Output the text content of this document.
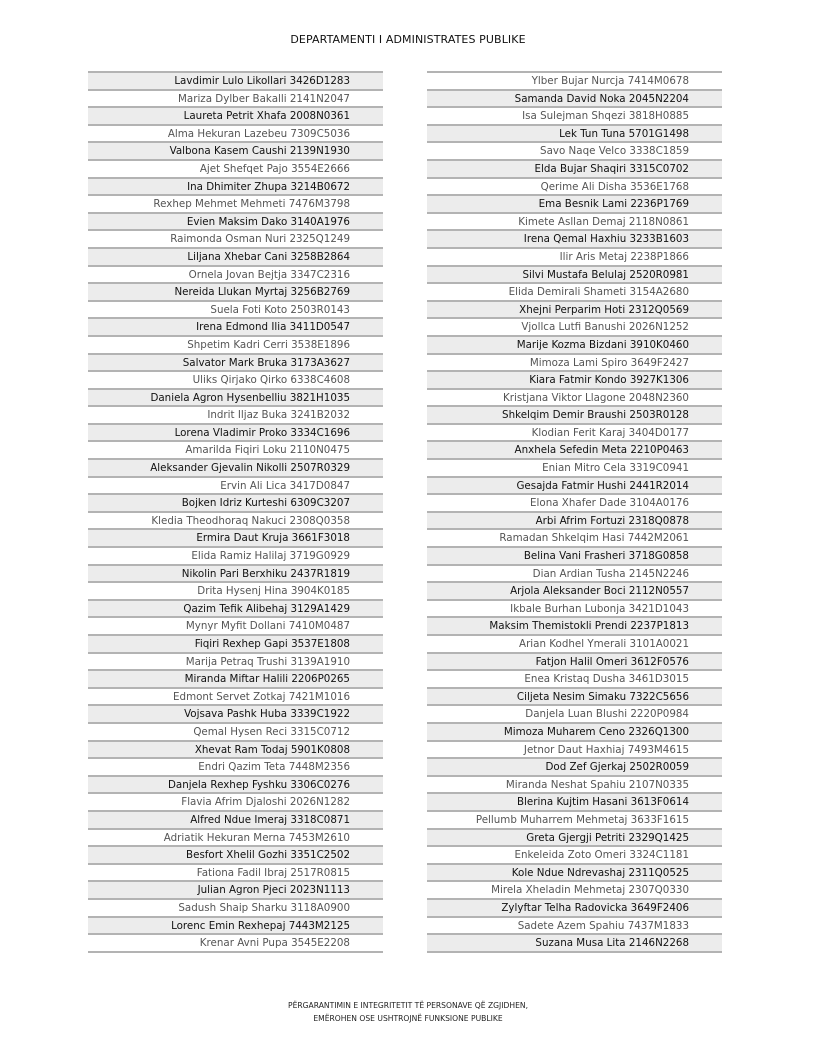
DEPARTAMENTI I ADMINISTRATES PUBLIKE
Lavdimir Lulo Likollari 3426D1283
Mariza Dylber Bakalli 2141N2047
Laureta Petrit Xhafa 2008N0361
Alma Hekuran Lazebeu 7309C5036
Valbona Kasem Caushi 2139N1930
Ajet Shefqet Pajo 3554E2666
Ina Dhimiter Zhupa 3214B0672
Rexhep Mehmet Mehmeti 7476M3798
Evien Maksim Dako 3140A1976
Raimonda Osman Nuri 2325Q1249
Liljana Xhebar Cani 3258B2864
Ornela Jovan Bejtja 3347C2316
Nereida Llukan Myrtaj 3256B2769
Suela Foti Koto 2503R0143
Irena Edmond Ilia 3411D0547
Shpetim Kadri Cerri 3538E1896
Salvator Mark Bruka 3173A3627
Uliks Qirjako Qirko 6338C4608
Daniela Agron Hysenbelliu 3821H1035
Indrit Iljaz Buka 3241B2032
Lorena Vladimir Proko 3334C1696
Amarilda Fiqiri Loku 2110N0475
Aleksander Gjevalin Nikolli 2507R0329
Ervin Ali Lica 3417D0847
Bojken Idriz Kurteshi 6309C3207
Kledia Theodhoraq Nakuci 2308Q0358
Ermira Daut Kruja 3661F3018
Elida Ramiz Halilaj 3719G0929
Nikolin Pari Berxhiku 2437R1819
Drita Hysenj Hina 3904K0185
Qazim Tefik Alibehaj 3129A1429
Mynyr Myfit Dollani 7410M0487
Fiqiri Rexhep Gapi 3537E1808
Marija Petraq Trushi 3139A1910
Miranda Miftar Halili 2206P0265
Edmont Servet Zotkaj 7421M1016
Vojsava Pashk Huba 3339C1922
Qemal Hysen Reci 3315C0712
Xhevat Ram Todaj 5901K0808
Endri Qazim Teta 7448M2356
Danjela Rexhep Fyshku 3306C0276
Flavia Afrim Djaloshi 2026N1282
Alfred Ndue Imeraj 3318C0871
Adriatik Hekuran Merna 7453M2610
Besfort Xhelil Gozhi 3351C2502
Fationa Fadil Ibraj 2517R0815
Julian Agron Pjeci 2023N1113
Sadush Shaip Sharku 3118A0900
Lorenc Emin Rexhepaj 7443M2125
Krenar Avni Pupa 3545E2208
Ylber Bujar Nurcja 7414M0678
Samanda David Noka 2045N2204
Isa Sulejman Shqezi 3818H0885
Lek Tun Tuna 5701G1498
Savo Naqe Velco 3338C1859
Elda Bujar Shaqiri 3315C0702
Qerime Ali Disha 3536E1768
Ema Besnik Lami 2236P1769
Kimete Asllan Demaj 2118N0861
Irena Qemal Haxhiu 3233B1603
Ilir Aris Metaj 2238P1866
Silvi Mustafa Belulaj 2520R0981
Elida Demirali Shameti 3154A2680
Xhejni Perparim Hoti 2312Q0569
Vjollca Lutfi Banushi 2026N1252
Marije Kozma Bizdani 3910K0460
Mimoza Lami Spiro 3649F2427
Kiara Fatmir Kondo 3927K1306
Kristjana Viktor Llagone 2048N2360
Shkelqim Demir Braushi 2503R0128
Klodian Ferit Karaj 3404D0177
Anxhela Sefedin Meta 2210P0463
Enian Mitro Cela 3319C0941
Gesajda Fatmir Hushi 2441R2014
Elona Xhafer Dade 3104A0176
Arbi Afrim Fortuzi 2318Q0878
Ramadan Shkelqim Hasi 7442M2061
Belina Vani Frasheri 3718G0858
Dian Ardian Tusha 2145N2246
Arjola Aleksander Boci 2112N0557
Ikbale Burhan Lubonja 3421D1043
Maksim Themistokli Prendi 2237P1813
Arian Kodhel Ymerali 3101A0021
Fatjon Halil Omeri 3612F0576
Enea Kristaq Dusha 3461D3015
Ciljeta Nesim Simaku 7322C5656
Danjela Luan Blushi 2220P0984
Mimoza Muharem Ceno 2326Q1300
Jetnor Daut Haxhiaj 7493M4615
Dod Zef Gjerkaj 2502R0059
Miranda Neshat Spahiu 2107N0335
Blerina Kujtim Hasani 3613F0614
Pellumb Muharrem Mehmetaj 3633F1615
Greta Gjergji Petriti 2329Q1425
Enkeleida Zoto Omeri 3324C1181
Kole Ndue Ndrevashaj 2311Q0525
Mirela Xheladin Mehmetaj 2307Q0330
Zylyftar Telha Radovicka 3649F2406
Sadete Azem Spahiu 7437M1833
Suzana Musa Lita 2146N2268
PËRGARANTIMIN E INTEGRITETIT TË PERSONAVE QË ZGJIDHEN,
EMËROHEN OSE USHTROJNË FUNKSIONE PUBLIKE
